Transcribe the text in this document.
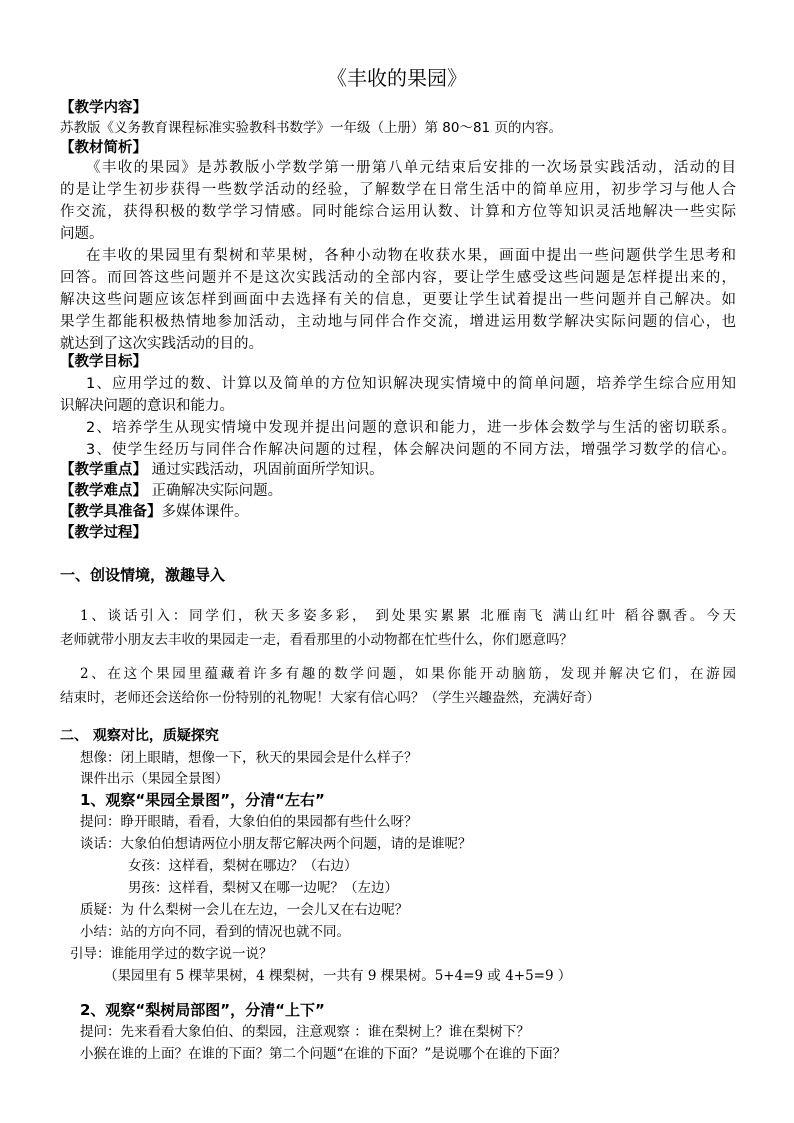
《丰收的果园》
【教学内容】
苏教版《义务教育课程标准实验教科书数学》一年级（上册）第 80～81 页的内容。
【教材简析】
《丰收的果园》是苏教版小学数学第一册第八单元结束后安排的一次场景实践活动，活动的目
的是让学生初步获得一些数学活动的经验，了解数学在日常生活中的简单应用，初步学习与他人合
作交流，获得积极的数学学习情感。同时能综合运用认数、计算和方位等知识灵活地解决一些实际
问题。
在丰收的果园里有梨树和苹果树，各种小动物在收获水果，画面中提出一些问题供学生思考和
回答。而回答这些问题并不是这次实践活动的全部内容，要让学生感受这些问题是怎样提出来的，
解决这些问题应该怎样到画面中去选择有关的信息，更要让学生试着提出一些问题并自己解决。如
果学生都能积极热情地参加活动，主动地与同伴合作交流，增进运用数学解决实际问题的信心，也
就达到了这次实践活动的目的。
【教学目标】
1、应用学过的数、计算以及简单的方位知识解决现实情境中的简单问题，培养学生综合应用知
识解决问题的意识和能力。
2、培养学生从现实情境中发现并提出问题的意识和能力，进一步体会数学与生活的密切联系。
3、使学生经历与同伴合作解决问题的过程，体会解决问题的不同方法，增强学习数学的信心。
【教学重点】 通过实践活动，巩固前面所学知识。
【教学难点】 正确解决实际问题。
【教学具准备】多媒体课件。
【教学过程】
一、创设情境，激趣导入
1、谈话引入：同学们，秋天多姿多彩， 到处果实累累 北雁南飞 满山红叶 稻谷飘香。今天
老师就带小朋友去丰收的果园走一走，看看那里的小动物都在忙些什么，你们愿意吗？
2、在这个果园里蕴藏着许多有趣的数学问题，如果你能开动脑筋，发现并解决它们，在游园
结束时，老师还会送给你一份特别的礼物呢！大家有信心吗？（学生兴趣盎然，充满好奇）
二、 观察对比，质疑探究
想像：闭上眼睛，想像一下，秋天的果园会是什么样子？
课件出示（果园全景图）
1、观察“果园全景图”，分清“左右”
提问：睁开眼睛，看看，大象伯伯的果园都有些什么呀？
谈话：大象伯伯想请两位小朋友帮它解决两个问题，请的是谁呢？
女孩：这样看，梨树在哪边？（右边）
男孩：这样看，梨树又在哪一边呢？（左边）
质疑：为 什么梨树一会儿在左边，一会儿又在右边呢？
小结：站的方向不同，看到的情况也就不同。
引导：谁能用学过的数字说一说？
（果园里有 5 棵苹果树，4 棵梨树，一共有 9 棵果树。5+4=9 或 4+5=9 ）
2、观察“梨树局部图”，分清“上下”
提问：先来看看大象伯伯、的梨园，注意观察 ：谁在梨树上？谁在梨树下？
小猴在谁的上面？在谁的下面？第二个问题“在谁的下面？”是说哪个在谁的下面？
